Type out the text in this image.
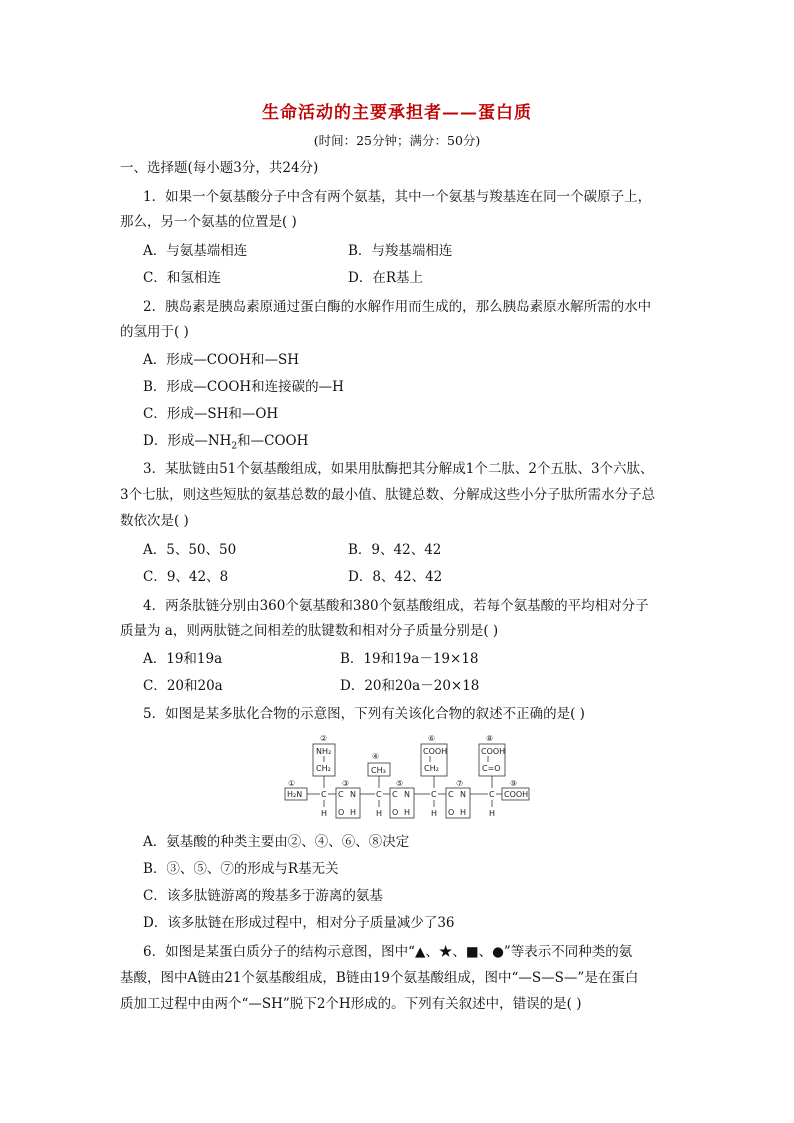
生命活动的主要承担者——蛋白质
(时间：25分钟；满分：50分)
一、选择题(每小题3分，共24分)
1．如果一个氨基酸分子中含有两个氨基，其中一个氨基与羧基连在同一个碳原子上，
那么，另一个氨基的位置是( )
A．与氨基端相连	B．与羧基端相连
C．和氢相连	D．在R基上
2．胰岛素是胰岛素原通过蛋白酶的水解作用而生成的，那么胰岛素原水解所需的水中
的氢用于( )
A．形成—COOH和—SH
B．形成—COOH和连接碳的—H
C．形成—SH和—OH
D．形成$—NH_2$和—COOH
3．某肽链由51个氨基酸组成，如果用肽酶把其分解成1个二肽、2个五肽、3个六肽、
3个七肽，则这些短肽的氨基总数的最小值、肽键总数、分解成这些小分子肽所需水分子总
数依次是( )
A．5、50、50	B．9、42、42
C．9、42、8	D．8、42、42
4．两条肽链分别由360个氨基酸和380个氨基酸组成，若每个氨基酸的平均相对分子
质量为 a，则两肽链之间相差的肽键数和相对分子质量分别是( )
A．19和19a	B．19和19a－19×18
C．20和20a	D．20和20a－20×18
5．如图是某多肽化合物的示意图，下列有关该化合物的叙述不正确的是( )
②
①	③
④
⑤
⑥
⑦
⑧
⑨
NH₂
CH₂	CH₃
COOH
CH₂
COOH
C=O
H₂N C C N
O H
C C N
O H
C C N
O H
C COOH
H	H	H	H
A．氨基酸的种类主要由②、④、⑥、⑧决定
B．③、⑤、⑦的形成与R基无关
C．该多肽链游离的羧基多于游离的氨基
D．该多肽链在形成过程中，相对分子质量减少了36
6．如图是某蛋白质分子的结构示意图，图中“▲、★、■、●”等表示不同种类的氨
基酸，图中A链由21个氨基酸组成，B链由19个氨基酸组成，图中“—S—S—”是在蛋白
质加工过程中由两个“—SH”脱下2个H形成的。下列有关叙述中，错误的是( )
